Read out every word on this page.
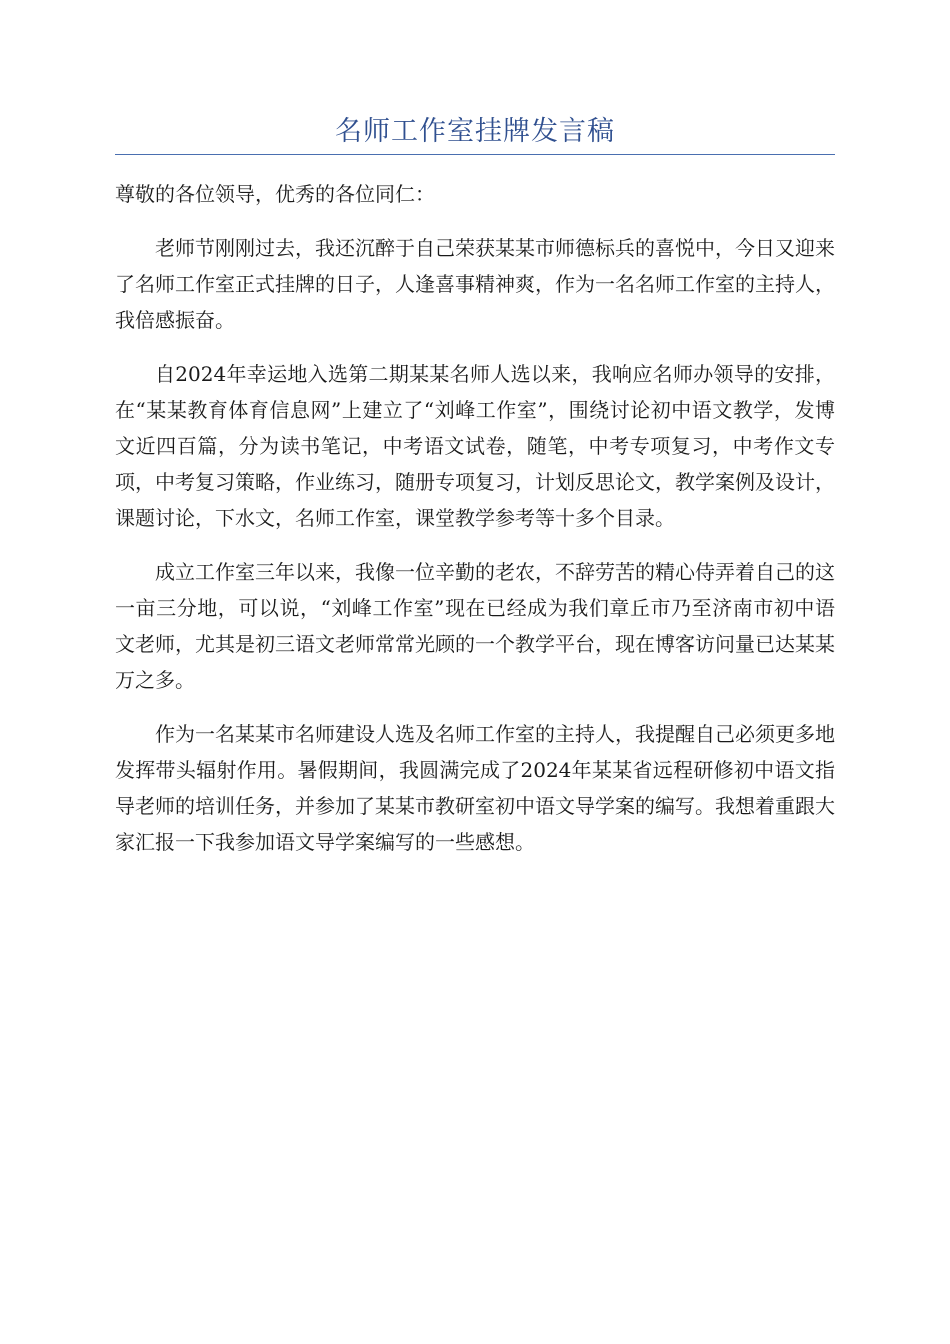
名师工作室挂牌发言稿

尊敬的各位领导，优秀的各位同仁：

老师节刚刚过去，我还沉醉于自己荣获某某市师德标兵的喜悦中，今日又迎来了名师工作室正式挂牌的日子，人逢喜事精神爽，作为一名名师工作室的主持人，我倍感振奋。

自2024年幸运地入选第二期某某名师人选以来，我响应名师办领导的安排，在“某某教育体育信息网”上建立了“刘峰工作室”，围绕讨论初中语文教学，发博文近四百篇，分为读书笔记，中考语文试卷，随笔，中考专项复习，中考作文专项，中考复习策略，作业练习，随册专项复习，计划反思论文，教学案例及设计，课题讨论，下水文，名师工作室，课堂教学参考等十多个目录。

成立工作室三年以来，我像一位辛勤的老农，不辞劳苦的精心侍弄着自己的这一亩三分地，可以说，“刘峰工作室”现在已经成为我们章丘市乃至济南市初中语文老师，尤其是初三语文老师常常光顾的一个教学平台，现在博客访问量已达某某万之多。

作为一名某某市名师建设人选及名师工作室的主持人，我提醒自己必须更多地发挥带头辐射作用。暑假期间，我圆满完成了2024年某某省远程研修初中语文指导老师的培训任务，并参加了某某市教研室初中语文导学案的编写。我想着重跟大家汇报一下我参加语文导学案编写的一些感想。
